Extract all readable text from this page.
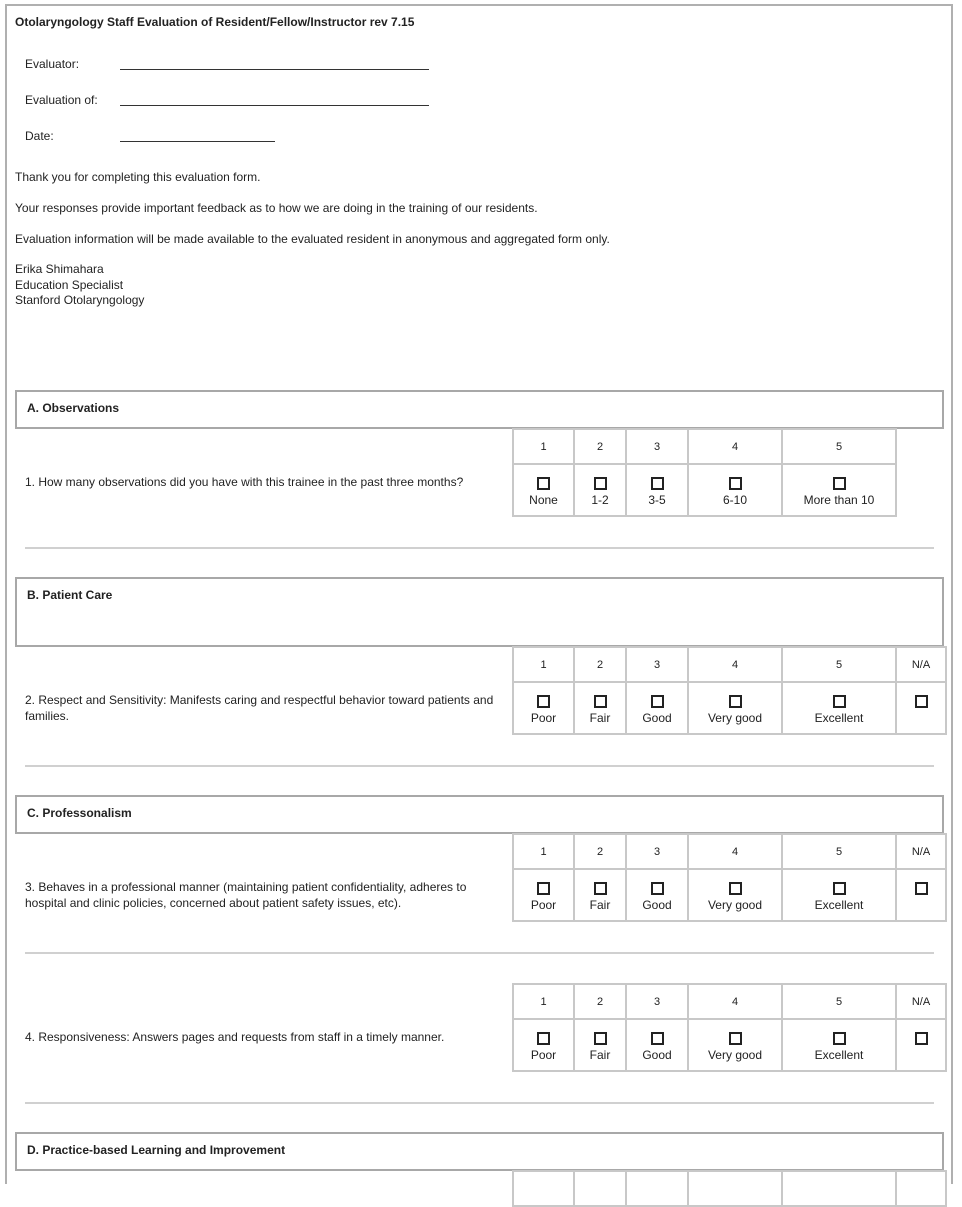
Otolaryngology Staff Evaluation of Resident/Fellow/Instructor rev 7.15
Evaluator:
Evaluation of:
Date:
Thank you for completing this evaluation form.
Your responses provide important feedback as to how we are doing in the training of our residents.
Evaluation information will be made available to the evaluated resident in anonymous and aggregated form only.
Erika Shimahara
Education Specialist
Stanford Otolaryngology
A. Observations
1. How many observations did you have with this trainee in the past three months?
1	2	3	4	5

None	1-2	3-5	6-10	More than 10
B. Patient Care
2. Respect and Sensitivity: Manifests caring and respectful behavior toward patients and families.
1	2	3	4	5	N/A

Poor	Fair	Good	Very good	Excellent	
C. Professonalism
3. Behaves in a professional manner (maintaining patient confidentiality, adheres to hospital and clinic policies, concerned about patient safety issues, etc).
1	2	3	4	5	N/A

Poor	Fair	Good	Very good	Excellent	
4. Responsiveness: Answers pages and requests from staff in a timely manner.
1	2	3	4	5	N/A

Poor	Fair	Good	Very good	Excellent	
D. Practice-based Learning and Improvement
